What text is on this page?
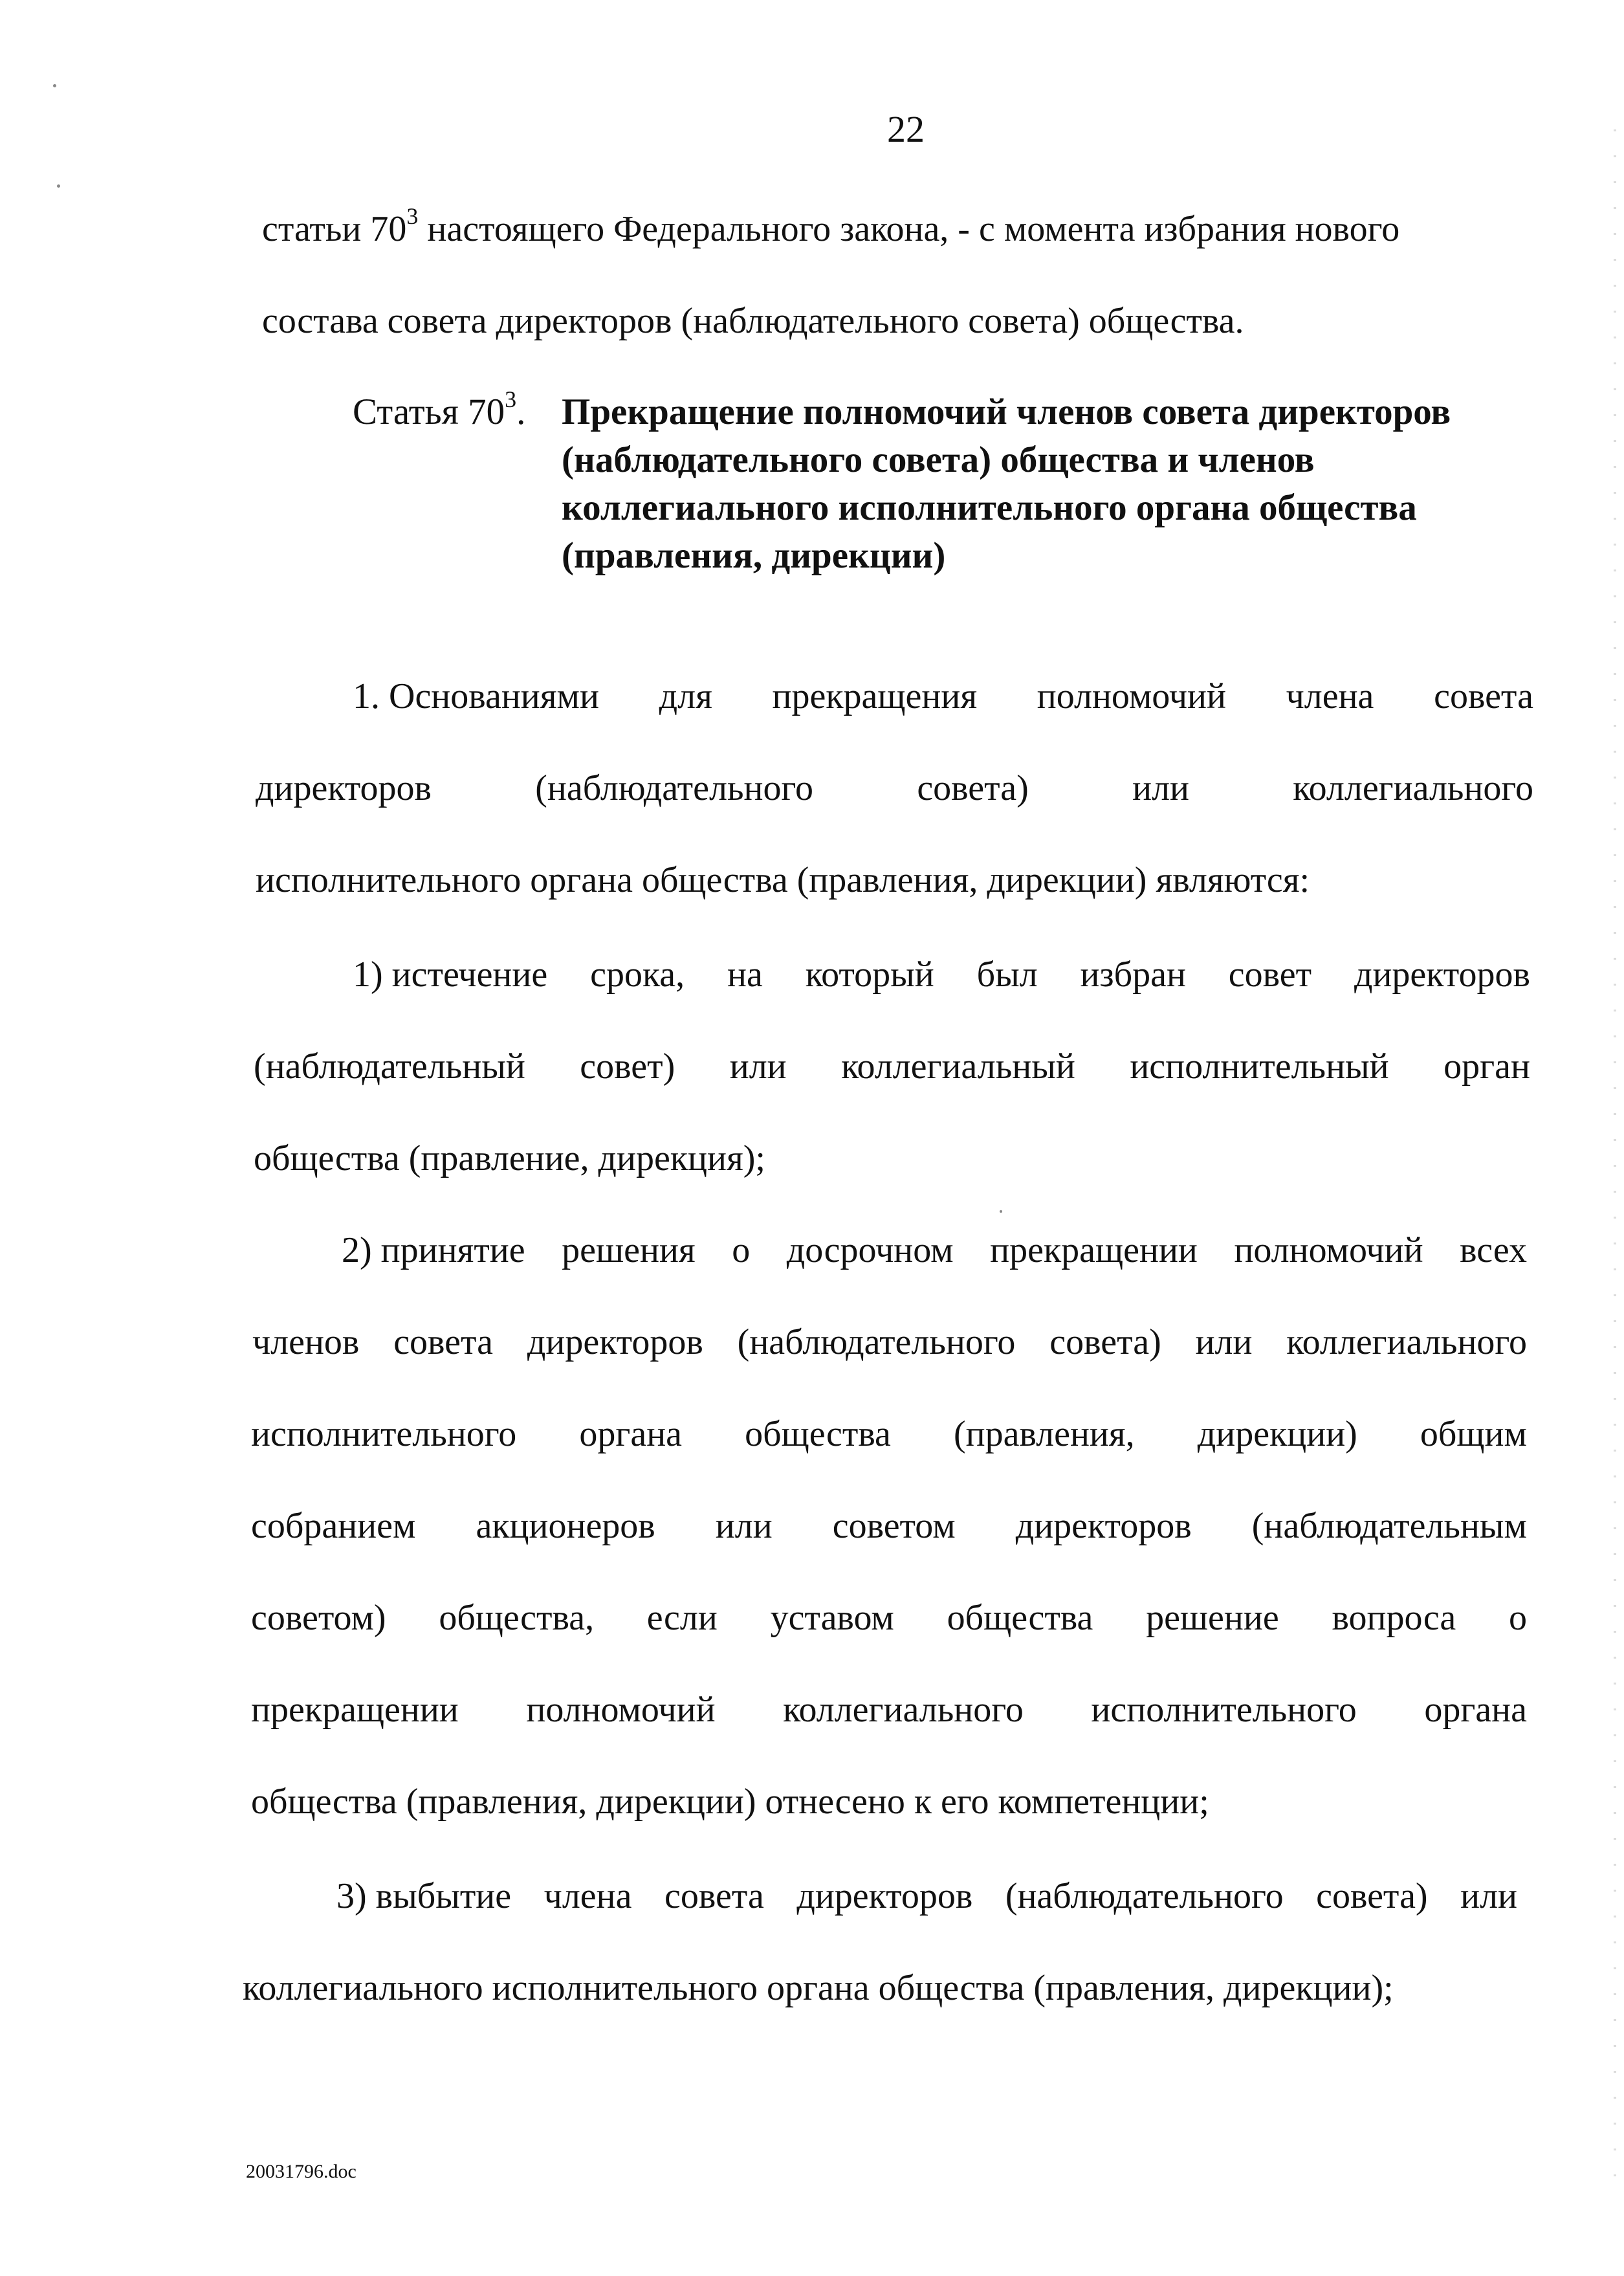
22
статьи $70^3$ настоящего Федерального закона, - с момента избрания нового
состава совета директоров (наблюдательного совета) общества.
Статья $70^3$. Прекращение полномочий членов совета директоров
(наблюдательного совета) общества и членов
коллегиального исполнительного органа общества
(правления, дирекции)
1. Основаниями для прекращения полномочий члена совета
директоров	(наблюдательного	совета)	или	коллегиального
исполнительного органа общества (правления, дирекции) являются:
1) истечение срока, на который был избран совет директоров
(наблюдательный совет) или коллегиальный исполнительный орган
общества (правление, дирекция);
2) принятие решения о досрочном прекращении полномочий всех
членов совета директоров (наблюдательного совета) или коллегиального
исполнительного органа общества (правления, дирекции) общим
собранием акционеров или советом директоров (наблюдательным
советом) общества, если уставом общества решение вопроса о
прекращении полномочий коллегиального исполнительного органа
общества (правления, дирекции) отнесено к его компетенции;
3) выбытие члена совета директоров (наблюдательного совета) или
коллегиального исполнительного органа общества (правления, дирекции);
20031796.doc
